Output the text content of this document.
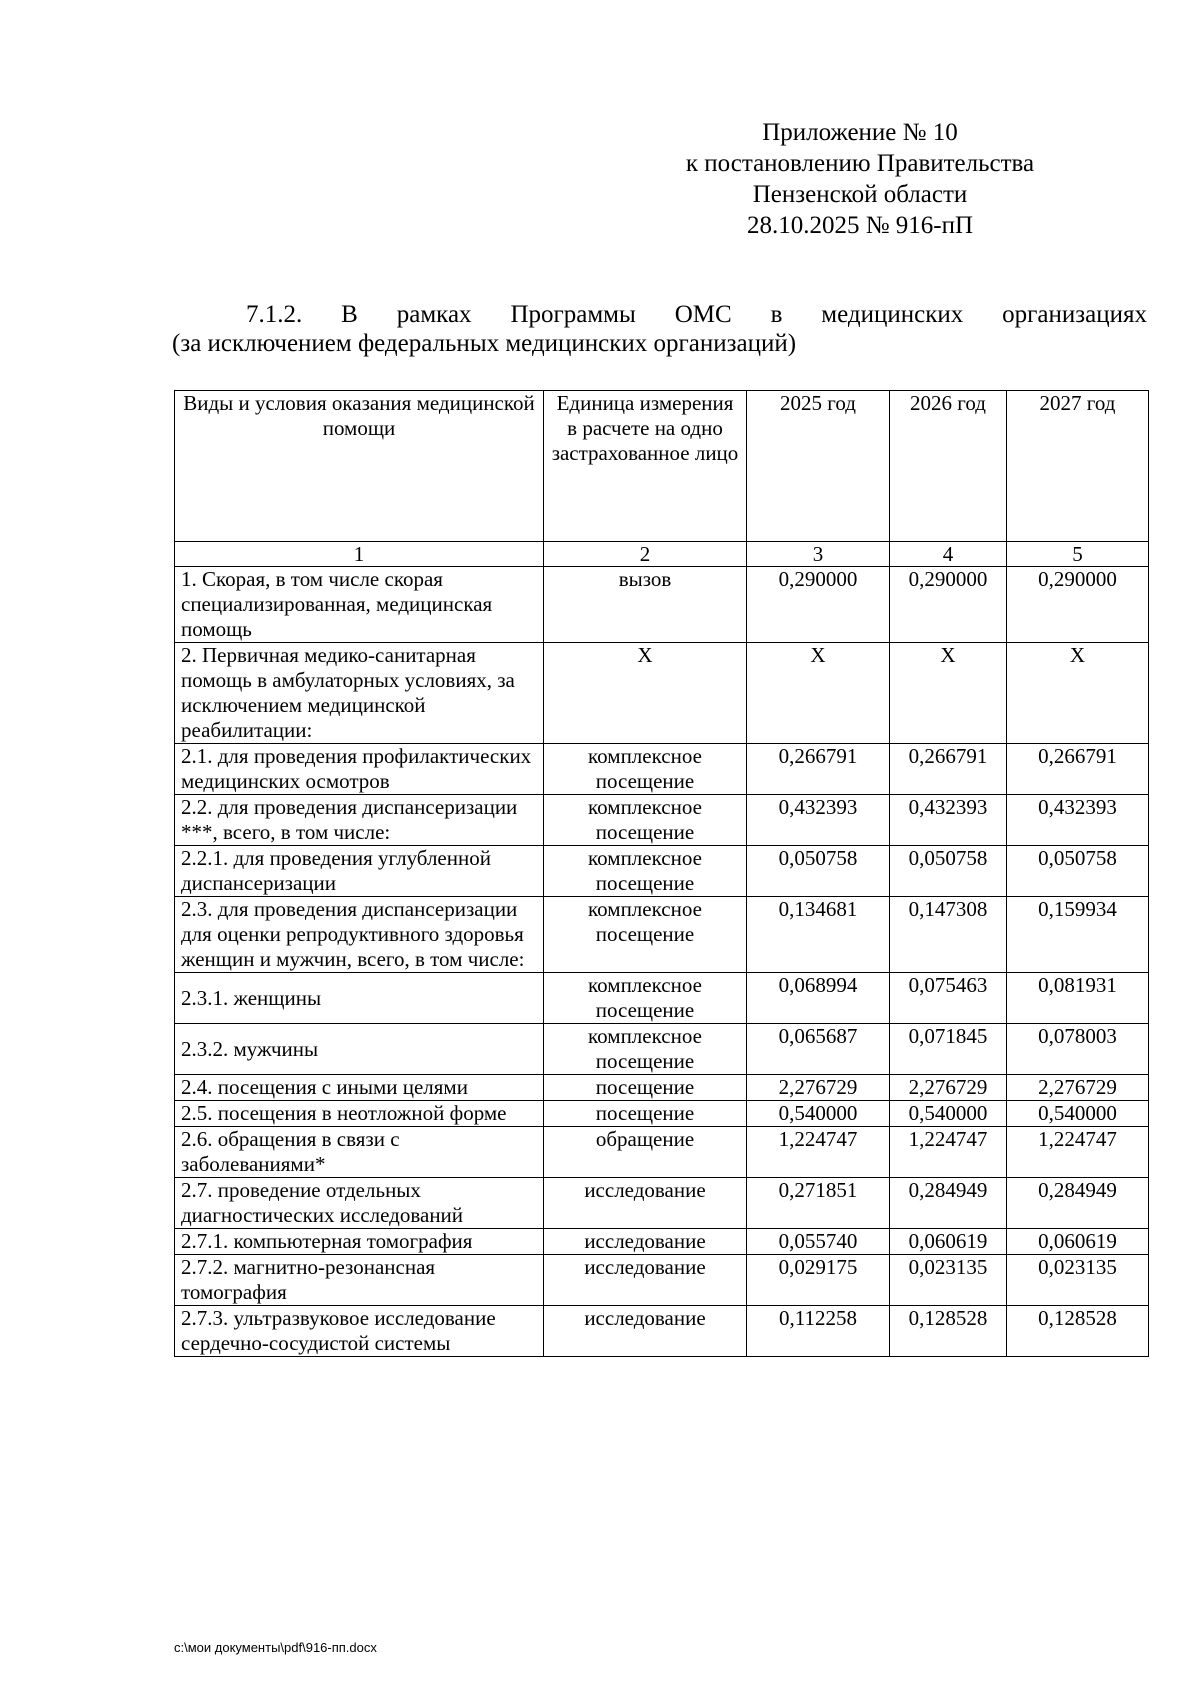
Приложение № 10
к постановлению Правительства
Пензенской области
28.10.2025 № 916-пП
7.1.2. В рамках Программы ОМС в медицинских организациях
(за исключением федеральных медицинских организаций)
Виды и условия оказания медицинской помощи	Единица измерения в расчете на одно застрахованное лицо	2025 год	2026 год	2027 год
1	2	3	4	5
1. Скорая, в том числе скорая специализированная, медицинская помощь	вызов	0,290000	0,290000	0,290000
2. Первичная медико-санитарная помощь в амбулаторных условиях, за исключением медицинской реабилитации:	Х	Х	Х	Х
2.1. для проведения профилактических медицинских осмотров	комплексное посещение	0,266791	0,266791	0,266791
2.2. для проведения диспансеризации ***, всего, в том числе:	комплексное посещение	0,432393	0,432393	0,432393
2.2.1. для проведения углубленной диспансеризации	комплексное посещение	0,050758	0,050758	0,050758
2.3. для проведения диспансеризации для оценки репродуктивного здоровья женщин и мужчин, всего, в том числе:	комплексное посещение	0,134681	0,147308	0,159934
2.3.1. женщины	комплексное посещение	0,068994	0,075463	0,081931
2.3.2. мужчины	комплексное посещение	0,065687	0,071845	0,078003
2.4. посещения с иными целями	посещение	2,276729	2,276729	2,276729
2.5. посещения в неотложной форме	посещение	0,540000	0,540000	0,540000
2.6. обращения в связи с заболеваниями*	обращение	1,224747	1,224747	1,224747
2.7. проведение отдельных диагностических исследований	исследование	0,271851	0,284949	0,284949
2.7.1. компьютерная томография	исследование	0,055740	0,060619	0,060619
2.7.2. магнитно-резонансная томография	исследование	0,029175	0,023135	0,023135
2.7.3. ультразвуковое исследование сердечно-сосудистой системы	исследование	0,112258	0,128528	0,128528
c:\мои документы\pdf\916-пп.docx
